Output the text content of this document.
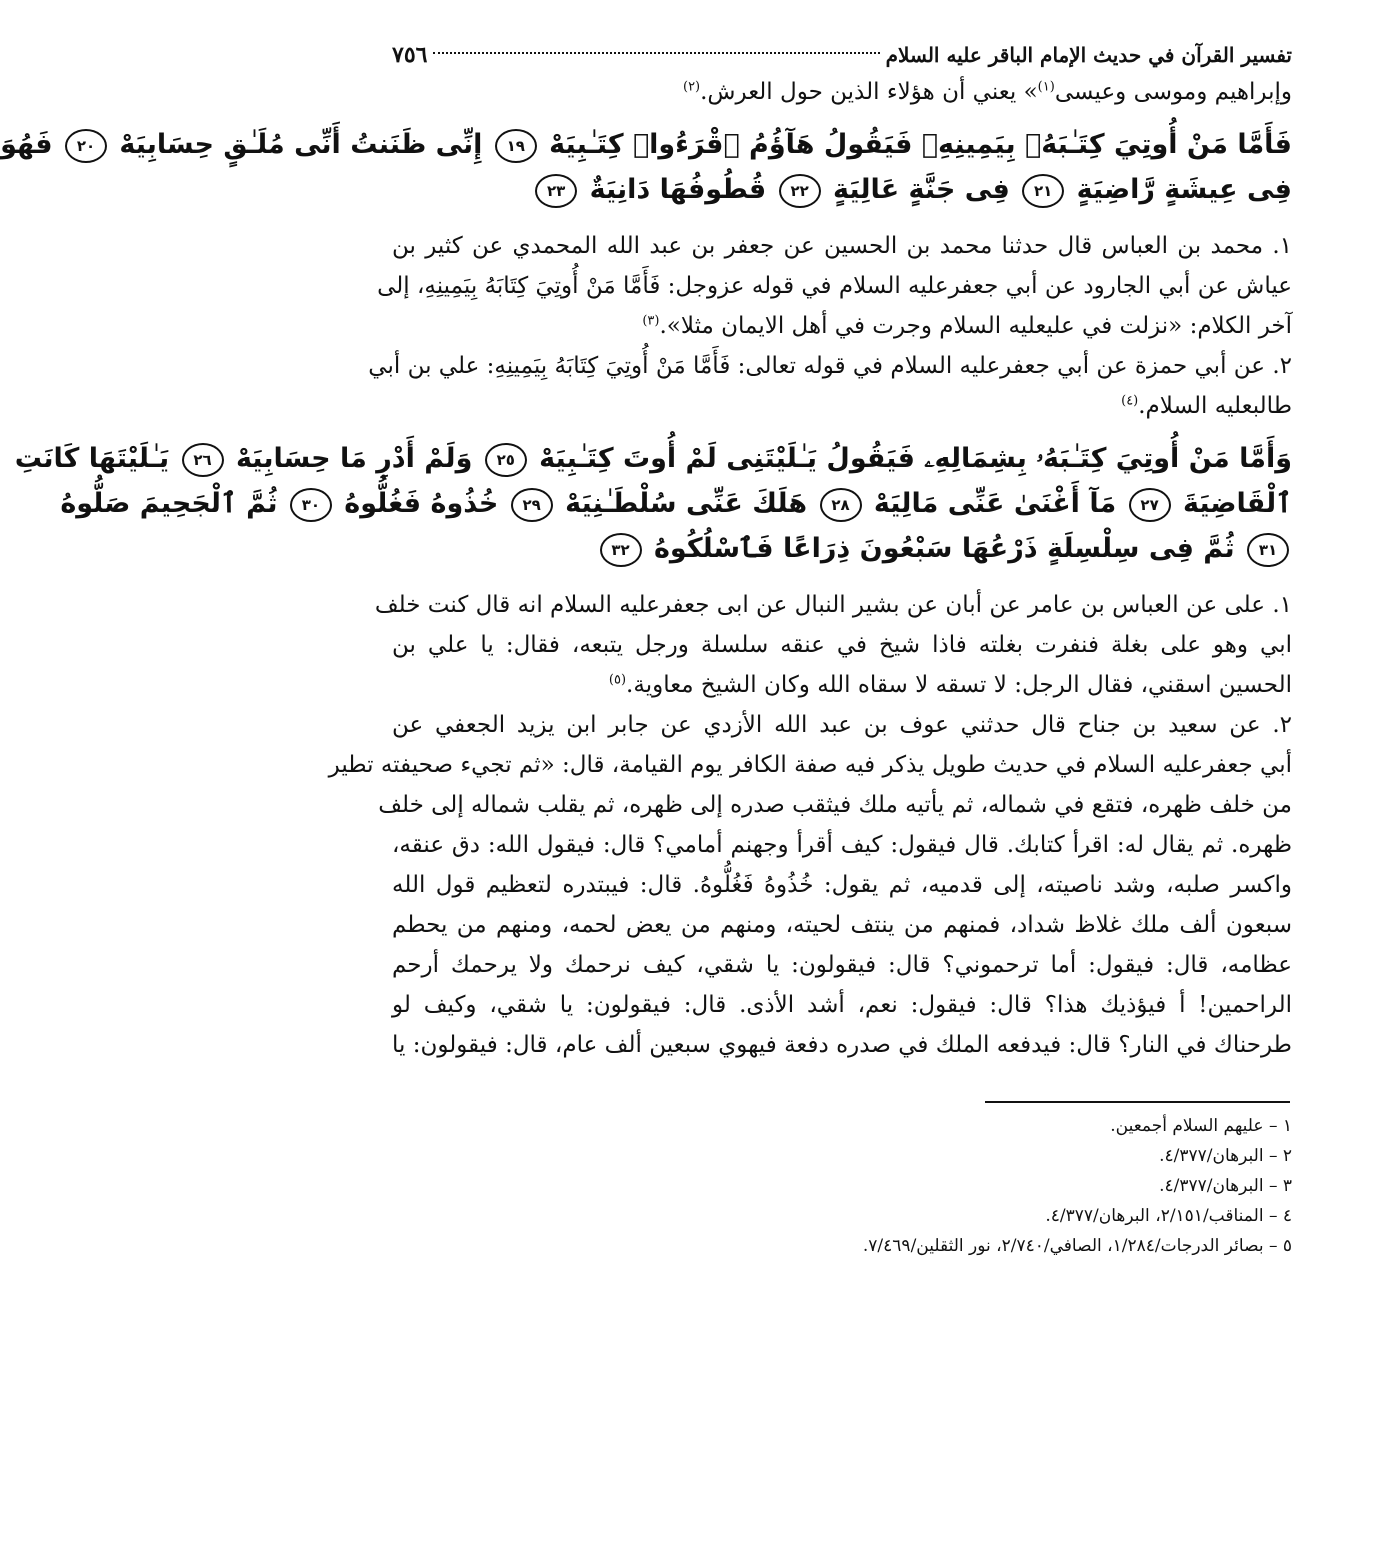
تفسير القرآن في حديث الإمام الباقر عليه السلام
٧٥٦
وإبراهيم وموسى وعيسى$^{(١)}$» يعني أن هؤلاء الذين حول العرش.$^{(٢)}$
فَأَمَّا مَنْ أُوتِيَ كِتَـٰبَهُۥ بِيَمِينِهِۦ فَيَقُولُ هَآؤُمُ ٱقْرَءُوا۟ كِتَـٰبِيَهْ ١٩ إِنِّى ظَنَنتُ أَنِّى مُلَـٰقٍ حِسَابِيَهْ ٢٠ فَهُوَ
فِى عِيشَةٍ رَّاضِيَةٍ ٢١ فِى جَنَّةٍ عَالِيَةٍ ٢٢ قُطُوفُهَا دَانِيَةٌ ٢٣
١. محمد بن العباس قال حدثنا محمد بن الحسين عن جعفر بن عبد الله المحمدي عن كثير بن
عياش عن أبي الجارود عن أبي جعفرعليه السلام في قوله عزوجل: فَأَمَّا مَنْ أُوتِيَ كِتَابَهُ بِيَمِينِهِ، إلى
آخر الكلام: «نزلت في عليعليه السلام وجرت في أهل الايمان مثلا».$^{(٣)}$
٢. عن أبي حمزة عن أبي جعفرعليه السلام في قوله تعالى: فَأَمَّا مَنْ أُوتِيَ كِتَابَهُ بِيَمِينِهِ: علي بن أبي
طالبعليه السلام.$^{(٤)}$
وَأَمَّا مَنْ أُوتِيَ كِتَـٰبَهُۥ بِشِمَالِهِۦ فَيَقُولُ يَـٰلَيْتَنِى لَمْ أُوتَ كِتَـٰبِيَهْ ٢٥ وَلَمْ أَدْرِ مَا حِسَابِيَهْ ٢٦ يَـٰلَيْتَهَا كَانَتِ
ٱلْقَاضِيَةَ ٢٧ مَآ أَغْنَىٰ عَنِّى مَالِيَهْ ٢٨ هَلَكَ عَنِّى سُلْطَـٰنِيَهْ ٢٩ خُذُوهُ فَغُلُّوهُ ٣٠ ثُمَّ ٱلْجَحِيمَ صَلُّوهُ
٣١ ثُمَّ فِى سِلْسِلَةٍ ذَرْعُهَا سَبْعُونَ ذِرَاعًا فَٱسْلُكُوهُ ٣٢
١. على عن العباس بن عامر عن أبان عن بشير النبال عن ابى جعفرعليه السلام انه قال كنت خلف
ابي وهو على بغلة فنفرت بغلته فاذا شيخ في عنقه سلسلة ورجل يتبعه، فقال: يا علي بن
الحسين اسقني، فقال الرجل: لا تسقه لا سقاه الله وكان الشيخ معاوية.$^{(٥)}$
٢. عن سعيد بن جناح قال حدثني عوف بن عبد الله الأزدي عن جابر ابن يزيد الجعفي عن
أبي جعفرعليه السلام في حديث طويل يذكر فيه صفة الكافر يوم القيامة، قال: «ثم تجيء صحيفته تطير
من خلف ظهره، فتقع في شماله، ثم يأتيه ملك فيثقب صدره إلى ظهره، ثم يقلب شماله إلى خلف
ظهره. ثم يقال له: اقرأ كتابك. قال فيقول: كيف أقرأ وجهنم أمامي؟ قال: فيقول الله: دق عنقه،
واكسر صلبه، وشد ناصيته، إلى قدميه، ثم يقول: خُذُوهُ فَغُلُّوهُ. قال: فيبتدره لتعظيم قول الله
سبعون ألف ملك غلاظ شداد، فمنهم من ينتف لحيته، ومنهم من يعض لحمه، ومنهم من يحطم
عظامه، قال: فيقول: أما ترحموني؟ قال: فيقولون: يا شقي، كيف نرحمك ولا يرحمك أرحم
الراحمين! أ فيؤذيك هذا؟ قال: فيقول: نعم، أشد الأذى. قال: فيقولون: يا شقي، وكيف لو
طرحناك في النار؟ قال: فيدفعه الملك في صدره دفعة فيهوي سبعين ألف عام، قال: فيقولون: يا
١ – عليهم السلام أجمعين.
٢ – البرهان/٤/٣٧٧.
٣ – البرهان/٤/٣٧٧.
٤ – المناقب/٢/١٥١، البرهان/٤/٣٧٧.
٥ – بصائر الدرجات/١/٢٨٤، الصافي/٢/٧٤٠، نور الثقلين/٧/٤٦٩.
